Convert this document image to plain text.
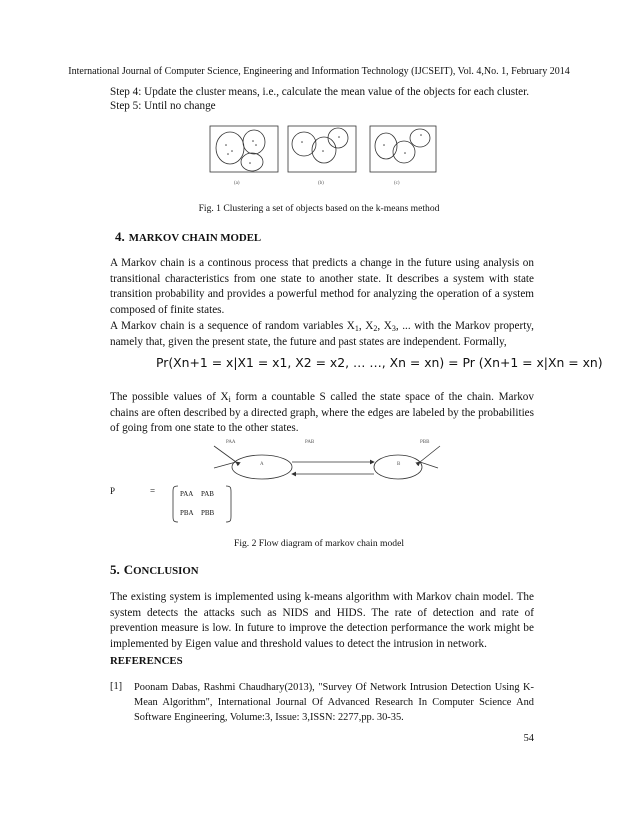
International Journal of Computer Science, Engineering and Information Technology (IJCSEIT), Vol. 4,No. 1, February 2014
Step 4: Update the cluster means, i.e., calculate the mean value of the objects for each cluster.
Step 5: Until no change
(a)	(b)	(c)
Fig. 1 Clustering a set of objects based on the k-means method
4. MARKOV CHAIN MODEL
A Markov chain is a continous process that predicts a change in the future using analysis on transitional characteristics from one state to another state. It describes a system with state transition probability and provides a powerful method for analyzing the operation of a system composed of finite states.
A Markov chain is a sequence of random variables $X_1$, $X_2$, $X_3$, ... with the Markov property, namely that, given the present state, the future and past states are independent. Formally,
Pr(Xn+1 = x|X1 = x1, X2 = x2, … …, Xn = xn) = Pr (Xn+1 = x|Xn = xn)
The possible values of $X_i$ form a countable S called the state space of the chain. Markov chains are often described by a directed graph, where the edges are labeled by the probabilities of going from one state to the other states.
PAA	PAB	PBB
A	B
P	=	PAA PAB
PBA PBB
Fig. 2 Flow diagram of markov chain model
5. CONCLUSION
The existing system is implemented using k-means algorithm with Markov chain model. The system detects the attacks such as NIDS and HIDS. The rate of detection and rate of prevention measure is low. In future to improve the detection performance the work might be implemented by Eigen value and threshold values to detect the intrusion in network.
REFERENCES
[1] Poonam Dabas, Rashmi Chaudhary(2013), "Survey Of Network Intrusion Detection Using K-Mean Algorithm", International Journal Of Advanced Research In Computer Science And Software Engineering, Volume:3, Issue: 3,ISSN: 2277,pp. 30-35.
54
